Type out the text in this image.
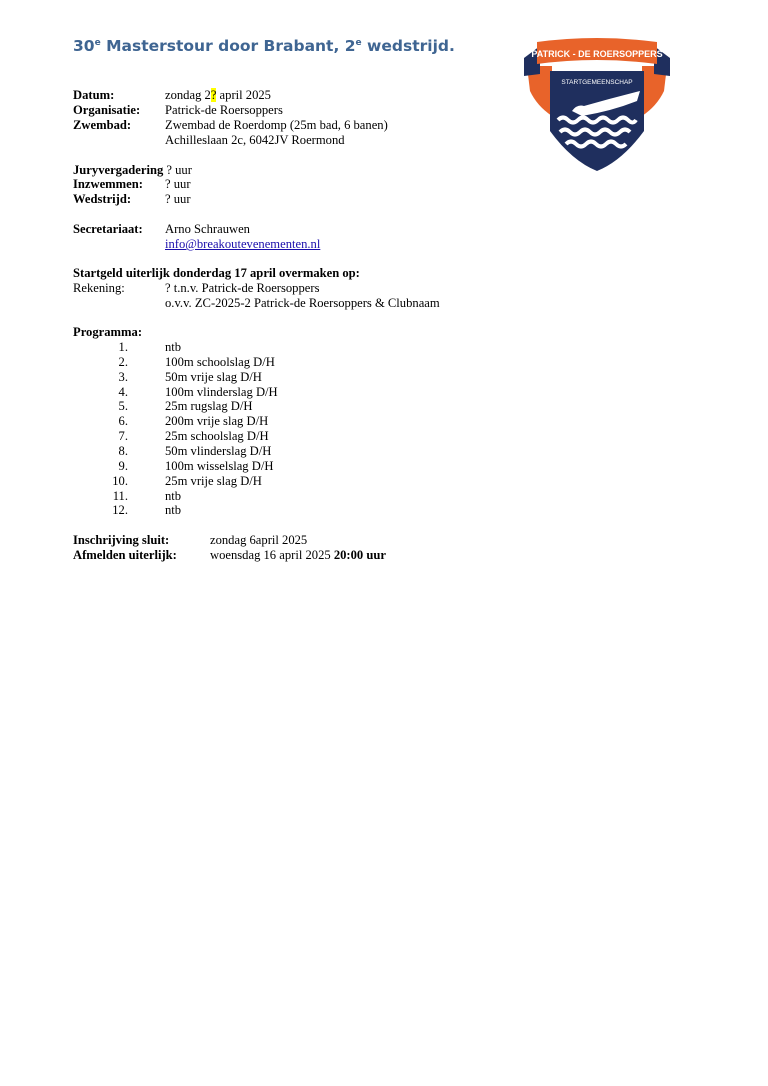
30e Masterstour door Brabant, 2e wedstrijd.	PATRICK - DE ROERSOPPERS
STARTGEMEENSCHAP
Datum:	zondag 2? april 2025
Organisatie: Patrick-de Roersoppers
Zwembad:	Zwembad de Roerdomp (25m bad, 6 banen)
Achilleslaan 2c, 6042JV Roermond
Juryvergadering ? uur
Inzwemmen: ? uur
Wedstrijd:	? uur
Secretariaat: Arno Schrauwen
info@breakoutevenementen.nl
Startgeld uiterlijk donderdag 17 april overmaken op:
Rekening:	? t.n.v. Patrick-de Roersoppers
o.v.v. ZC-2025-2 Patrick-de Roersoppers & Clubnaam
Programma:
1.	ntb
2.	100m schoolslag D/H
3.	50m vrije slag D/H
4.	100m vlinderslag D/H
5.	25m rugslag D/H
6.	200m vrije slag D/H
7.	25m schoolslag D/H
8.	50m vlinderslag D/H
9.	100m wisselslag D/H
10.	25m vrije slag D/H
11.	ntb
12.	ntb
Inschrijving sluit:	zondag 6april 2025
Afmelden uiterlijk:	woensdag 16 april 2025 20:00 uur
